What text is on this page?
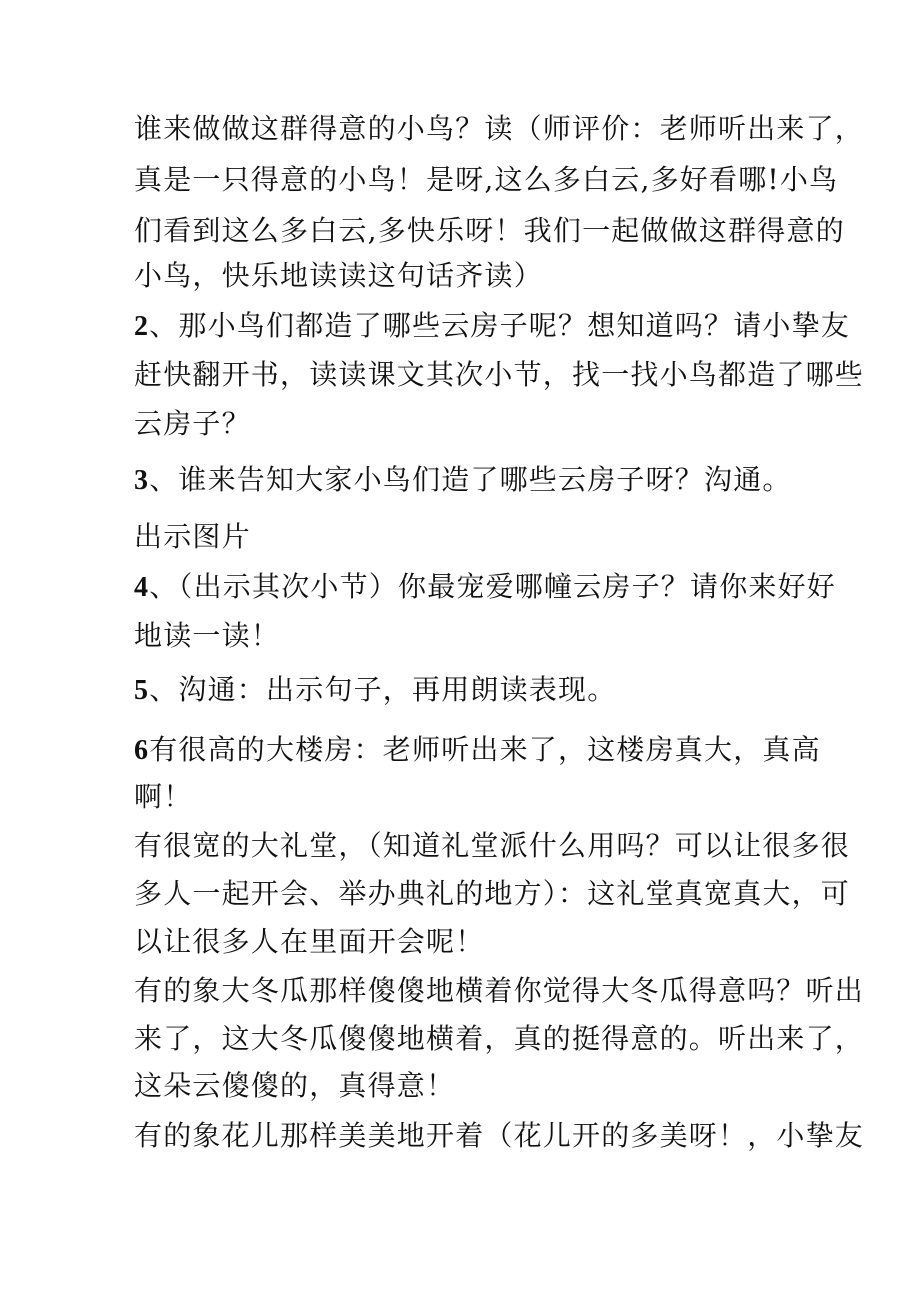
谁来做做这群得意的小鸟？读（师评价：老师听出来了，
真是一只得意的小鸟！是呀,这么多白云,多好看哪!小鸟
们看到这么多白云,多快乐呀！我们一起做做这群得意的
小鸟，快乐地读读这句话齐读）
2、那小鸟们都造了哪些云房子呢？想知道吗？请小挚友
赶快翻开书，读读课文其次小节，找一找小鸟都造了哪些
云房子？
3、谁来告知大家小鸟们造了哪些云房子呀？沟通。
出示图片
4、（出示其次小节）你最宠爱哪幢云房子？请你来好好
地读一读！
5、沟通：出示句子，再用朗读表现。
6有很高的大楼房：老师听出来了，这楼房真大，真高
啊！
有很宽的大礼堂，（知道礼堂派什么用吗？可以让很多很
多人一起开会、举办典礼的地方）：这礼堂真宽真大，可
以让很多人在里面开会呢！
有的象大冬瓜那样傻傻地横着你觉得大冬瓜得意吗？听出
来了，这大冬瓜傻傻地横着，真的挺得意的。听出来了，
这朵云傻傻的，真得意！
有的象花儿那样美美地开着（花儿开的多美呀！，小挚友
